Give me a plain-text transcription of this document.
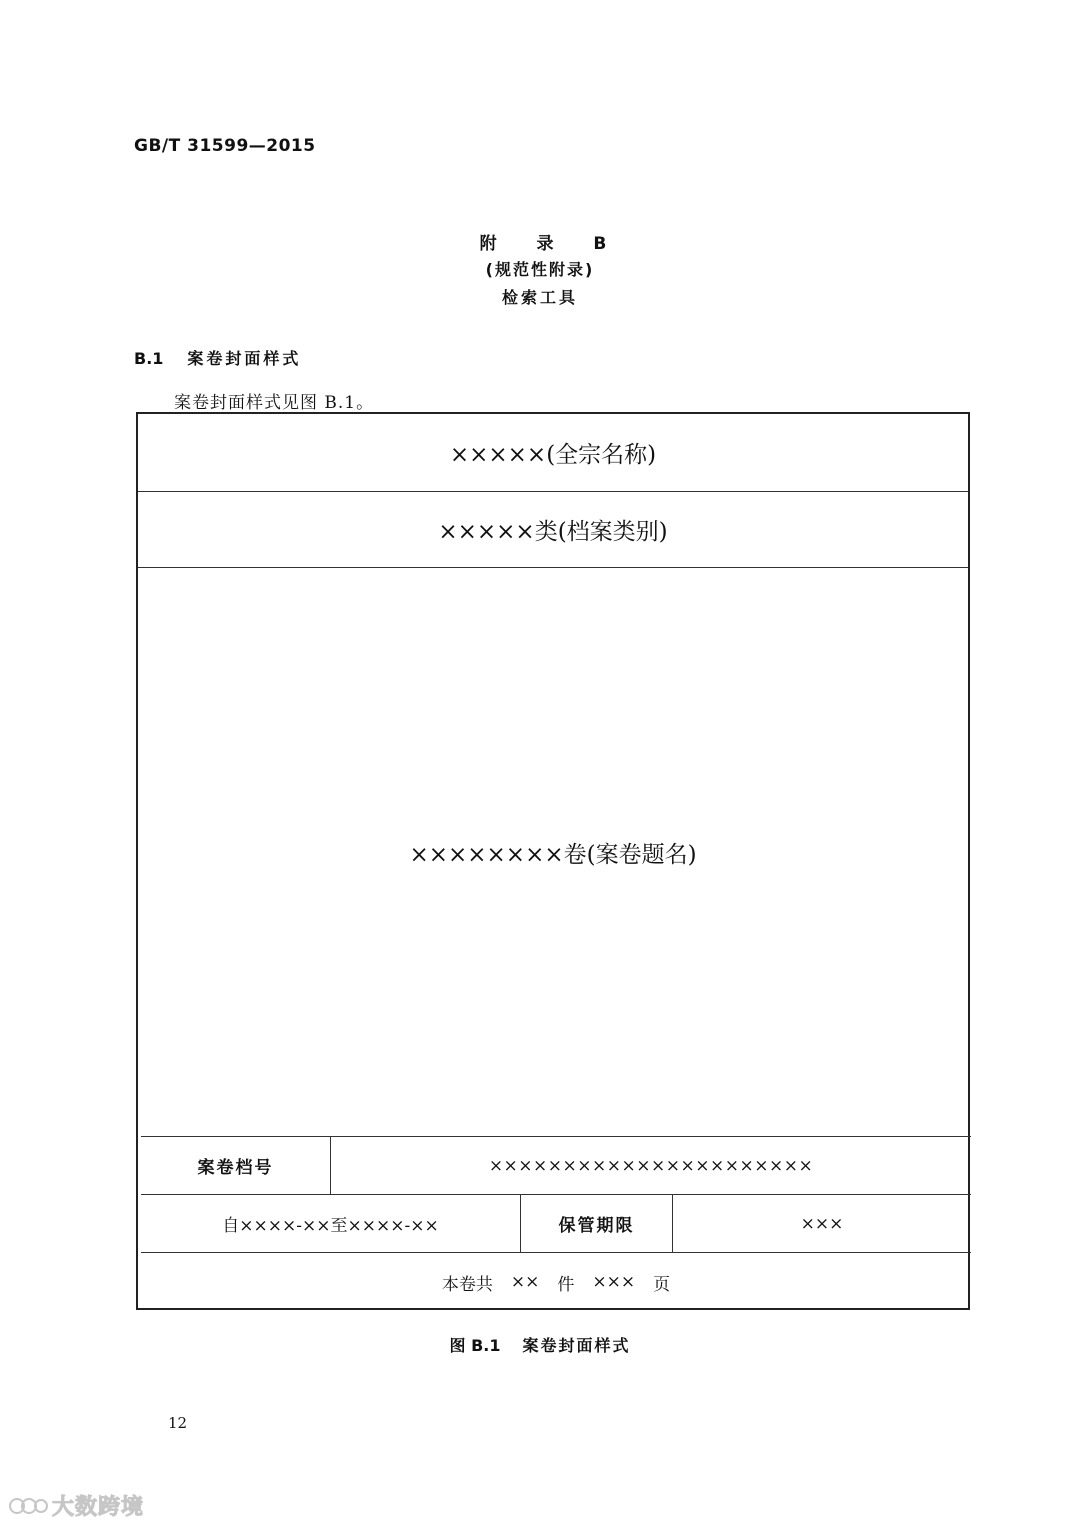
GB/T 31599—2015
附 录 B
(规范性附录)
检索工具
B.1 案卷封面样式
案卷封面样式见图 B.1。
×××××(全宗名称)
×××××类(档案类别)
××××××××卷(案卷题名)
案卷档号	××××××××××××××××××××××
自××××-××至××××-××	保管期限	×××
本卷共 ×× 件 ××× 页
图 B.1 案卷封面样式
12
大数跨境
